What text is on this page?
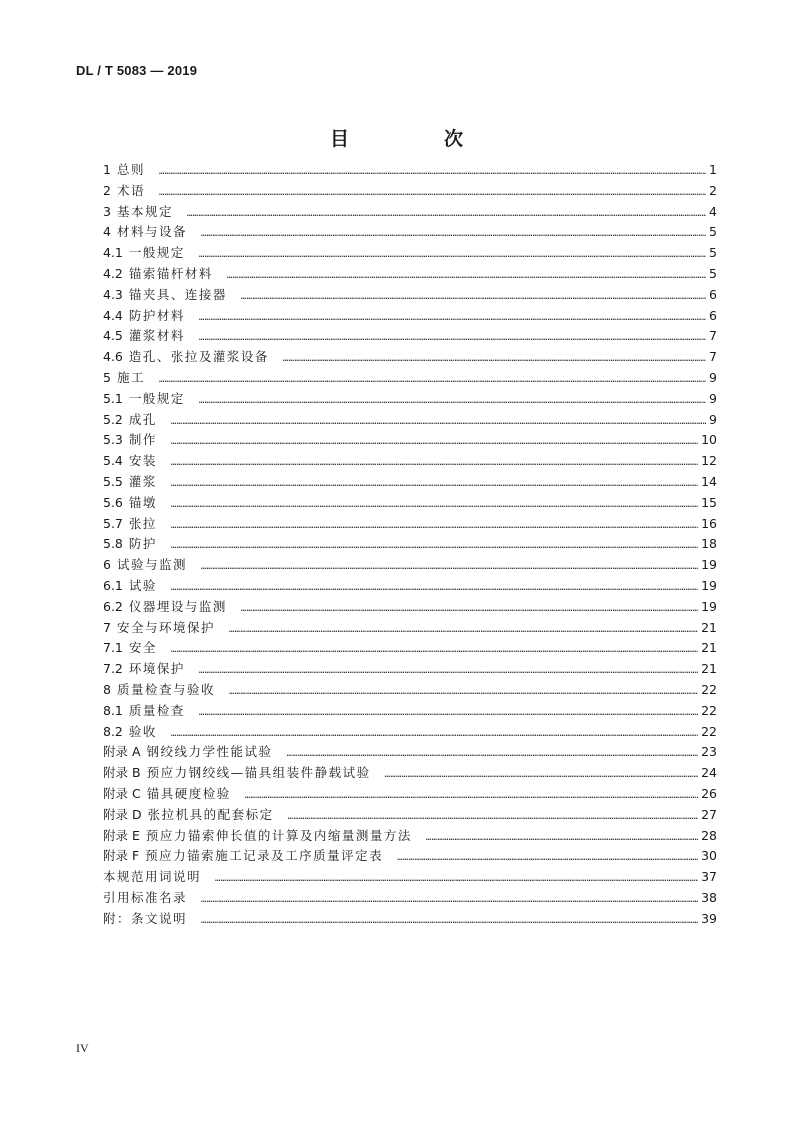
DL / T 5083 — 2019
目　次
1 总则 ……………………………………………………………………………………………………………………………………………………………………………………………………………………………………………………………………	1
2 术语 ……………………………………………………………………………………………………………………………………………………………………………………………………………………………………………………………………	2
3 基本规定 ……………………………………………………………………………………………………………………………………………………………………………………………………………………………………………………………………	4
4 材料与设备 ……………………………………………………………………………………………………………………………………………………………………………………………………………………………………………………………………	5
4.1 一般规定 ……………………………………………………………………………………………………………………………………………………………………………………………………………………………………………………………………	5
4.2 锚索锚杆材料 ……………………………………………………………………………………………………………………………………………………………………………………………………………………………………………………………………	5
4.3 锚夹具、连接器 ……………………………………………………………………………………………………………………………………………………………………………………………………………………………………………………………………	6
4.4 防护材料 ……………………………………………………………………………………………………………………………………………………………………………………………………………………………………………………………………	6
4.5 灌浆材料 ……………………………………………………………………………………………………………………………………………………………………………………………………………………………………………………………………	7
4.6 造孔、张拉及灌浆设备 ……………………………………………………………………………………………………………………………………………………………………………………………………………………………………………………………………	7
5 施工 ……………………………………………………………………………………………………………………………………………………………………………………………………………………………………………………………………	9
5.1 一般规定 ……………………………………………………………………………………………………………………………………………………………………………………………………………………………………………………………………	9
5.2 成孔 ……………………………………………………………………………………………………………………………………………………………………………………………………………………………………………………………………	9
5.3 制作 ……………………………………………………………………………………………………………………………………………………………………………………………………………………………………………………………………	10
5.4 安装 ……………………………………………………………………………………………………………………………………………………………………………………………………………………………………………………………………	12
5.5 灌浆 ……………………………………………………………………………………………………………………………………………………………………………………………………………………………………………………………………	14
5.6 锚墩 ……………………………………………………………………………………………………………………………………………………………………………………………………………………………………………………………………	15
5.7 张拉 ……………………………………………………………………………………………………………………………………………………………………………………………………………………………………………………………………	16
5.8 防护 ……………………………………………………………………………………………………………………………………………………………………………………………………………………………………………………………………	18
6 试验与监测 ……………………………………………………………………………………………………………………………………………………………………………………………………………………………………………………………………	19
6.1 试验 ……………………………………………………………………………………………………………………………………………………………………………………………………………………………………………………………………	19
6.2 仪器埋设与监测 ……………………………………………………………………………………………………………………………………………………………………………………………………………………………………………………………………	19
7 安全与环境保护 ……………………………………………………………………………………………………………………………………………………………………………………………………………………………………………………………………	21
7.1 安全 ……………………………………………………………………………………………………………………………………………………………………………………………………………………………………………………………………	21
7.2 环境保护 ……………………………………………………………………………………………………………………………………………………………………………………………………………………………………………………………………	21
8 质量检查与验收 ……………………………………………………………………………………………………………………………………………………………………………………………………………………………………………………………………	22
8.1 质量检查 ……………………………………………………………………………………………………………………………………………………………………………………………………………………………………………………………………	22
8.2 验收 ……………………………………………………………………………………………………………………………………………………………………………………………………………………………………………………………………	22
附录 A 钢绞线力学性能试验 ……………………………………………………………………………………………………………………………………………………………………………………………………………………………………………………………………	23
附录 B 预应力钢绞线—锚具组装件静载试验 ……………………………………………………………………………………………………………………………………………………………………………………………………………………………………………………………………	24
附录 C 锚具硬度检验 ……………………………………………………………………………………………………………………………………………………………………………………………………………………………………………………………………	26
附录 D 张拉机具的配套标定 ……………………………………………………………………………………………………………………………………………………………………………………………………………………………………………………………………	27
附录 E 预应力锚索伸长值的计算及内缩量测量方法 ……………………………………………………………………………………………………………………………………………………………………………………………………………………………………………………………………	28
附录 F 预应力锚索施工记录及工序质量评定表 ……………………………………………………………………………………………………………………………………………………………………………………………………………………………………………………………………	30
本规范用词说明 ……………………………………………………………………………………………………………………………………………………………………………………………………………………………………………………………………	37
引用标准名录 ……………………………………………………………………………………………………………………………………………………………………………………………………………………………………………………………………	38
附：条文说明 ……………………………………………………………………………………………………………………………………………………………………………………………………………………………………………………………………	39
IV
